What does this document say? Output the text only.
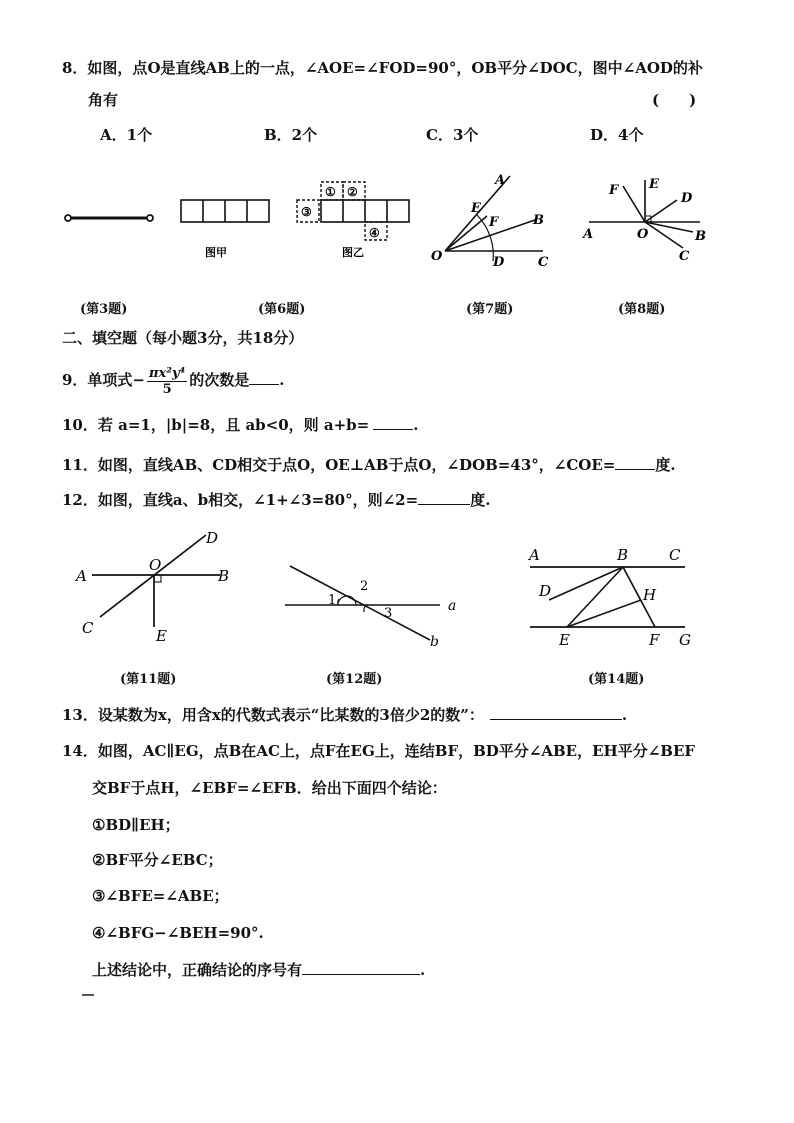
8．如图，点O是直线AB上的一点，∠AOE=∠FOD=90°，OB平分∠DOC，图中∠AOD的补
角有	(　　)
A．1个	B．2个	C．3个	D．4个
图甲
① ②
③
④
图乙
A
E
F	B
O	D	C
F E
D
A	O	B
C
(第3题)	(第6题)	(第7题)	(第8题)
二、填空题（每小题3分，共18分）
9．单项式− $\frac{\text{πx²y⁴}}{5}$ 的次数是 .
10．若 a=1，|b|=8，且 ab<0，则 a+b=	.
11．如图，直线AB、CD相交于点O，OE⊥AB于点O，∠DOB=43°，∠COE=	度.
12．如图，直线a、b相交，∠1+∠3=80°，则∠2=	度.
D
A
O
B
C	E
2
1
3	a
b
A	B	C
D	H
E	F G
(第11题)	(第12题)	(第14题)
13．设某数为x，用含x的代数式表示“比某数的3倍少2的数”：	.
14．如图，AC∥EG，点B在AC上，点F在EG上，连结BF，BD平分∠ABE，EH平分∠BEF
交BF于点H，∠EBF=∠EFB．给出下面四个结论：
①BD∥EH；
②BF平分∠EBC；
③∠BFE=∠ABE；
④∠BFG−∠BEH=90°.
上述结论中，正确结论的序号有	.
